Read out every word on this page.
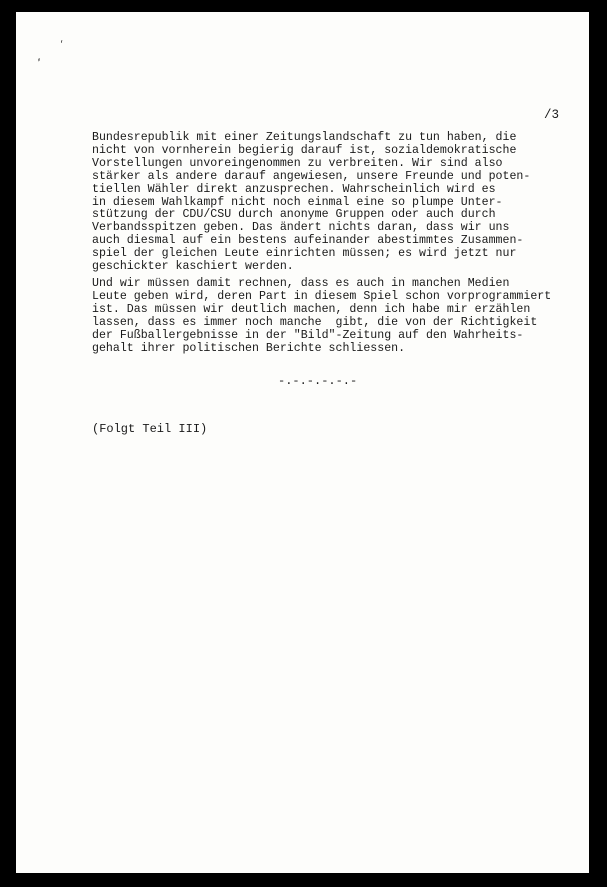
´
´
/3

Bundesrepublik mit einer Zeitungslandschaft zu tun haben, die
nicht von vornherein begierig darauf ist, sozialdemokratische
Vorstellungen unvoreingenommen zu verbreiten. Wir sind also
stärker als andere darauf angewiesen, unsere Freunde und poten-
tiellen Wähler direkt anzusprechen. Wahrscheinlich wird es
in diesem Wahlkampf nicht noch einmal eine so plumpe Unter-
stützung der CDU/CSU durch anonyme Gruppen oder auch durch
Verbandsspitzen geben. Das ändert nichts daran, dass wir uns
auch diesmal auf ein bestens aufeinander abestimmtes Zusammen-
spiel der gleichen Leute einrichten müssen; es wird jetzt nur
geschickter kaschiert werden.

Und wir müssen damit rechnen, dass es auch in manchen Medien
Leute geben wird, deren Part in diesem Spiel schon vorprogrammiert
ist. Das müssen wir deutlich machen, denn ich habe mir erzählen
lassen, dass es immer noch manche  gibt, die von der Richtigkeit
der Fußballergebnisse in der "Bild"-Zeitung auf den Wahrheits-
gehalt ihrer politischen Berichte schliessen.

-.-.-.-.-.-
(Folgt Teil III)
